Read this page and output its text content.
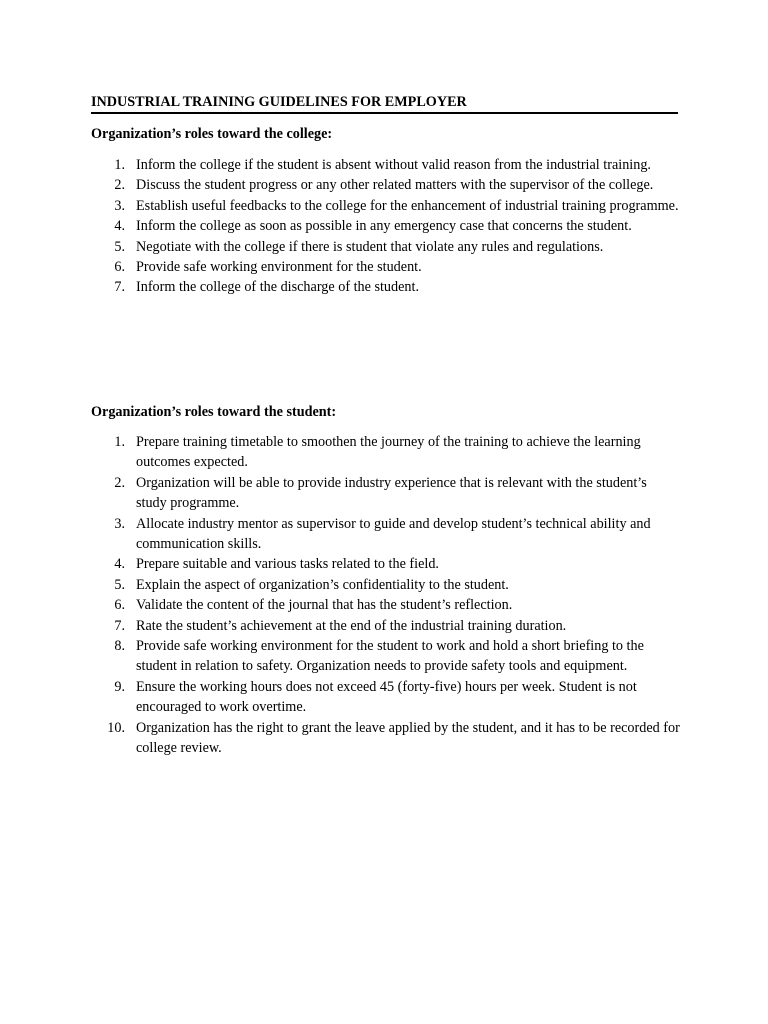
INDUSTRIAL TRAINING GUIDELINES FOR EMPLOYER
Organization’s roles toward the college:
1. Inform the college if the student is absent without valid reason from the industrial training.
2. Discuss the student progress or any other related matters with the supervisor of the college.
3. Establish useful feedbacks to the college for the enhancement of industrial training programme.
4. Inform the college as soon as possible in any emergency case that concerns the student.
5. Negotiate with the college if there is student that violate any rules and regulations.
6. Provide safe working environment for the student.
7. Inform the college of the discharge of the student.
Organization’s roles toward the student:
1. Prepare training timetable to smoothen the journey of the training to achieve the learning outcomes expected.
2. Organization will be able to provide industry experience that is relevant with the student’s study programme.
3. Allocate industry mentor as supervisor to guide and develop student’s technical ability and communication skills.
4. Prepare suitable and various tasks related to the field.
5. Explain the aspect of organization’s confidentiality to the student.
6. Validate the content of the journal that has the student’s reflection.
7. Rate the student’s achievement at the end of the industrial training duration.
8. Provide safe working environment for the student to work and hold a short briefing to the student in relation to safety. Organization needs to provide safety tools and equipment.
9. Ensure the working hours does not exceed 45 (forty-five) hours per week. Student is not encouraged to work overtime.
10. Organization has the right to grant the leave applied by the student, and it has to be recorded for college review.
